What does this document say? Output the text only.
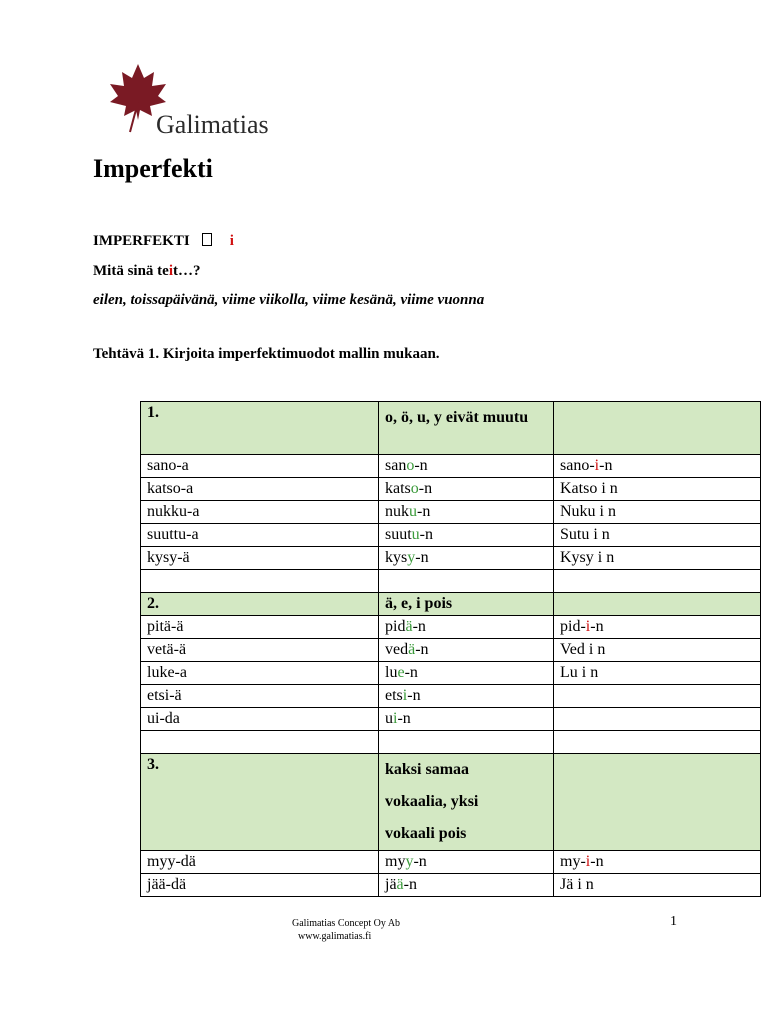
Galimatias
Imperfekti
IMPERFEKTI	i
Mitä sinä teit…?
eilen, toissapäivänä, viime viikolla, viime kesänä, viime vuonna
Tehtävä 1. Kirjoita imperfektimuodot mallin mukaan.
1.	o, ö, u, y eivät muutu	

sano-a	sano-n	sano-i-n
katso-a	katso-n	Katso i n
nukku-a	nuku-n	Nuku i n
suuttu-a	suutu-n	Sutu i n
kysy-ä	kysy-n	Kysy i n

2.	ä, e, i pois	

pitä-ä	pidä-n	pid-i-n
vetä-ä	vedä-n	Ved i n
luke-a	lue-n	Lu i n
etsi-ä	etsi-n	
ui-da	ui-n	

3.	kaksi samaa
vokaalia, yksi
vokaali pois	

myy-dä	myy-n	my-i-n
jää-dä	jää-n	Jä i n
Galimatias Concept Oy Ab
www.galimatias.fi
1
